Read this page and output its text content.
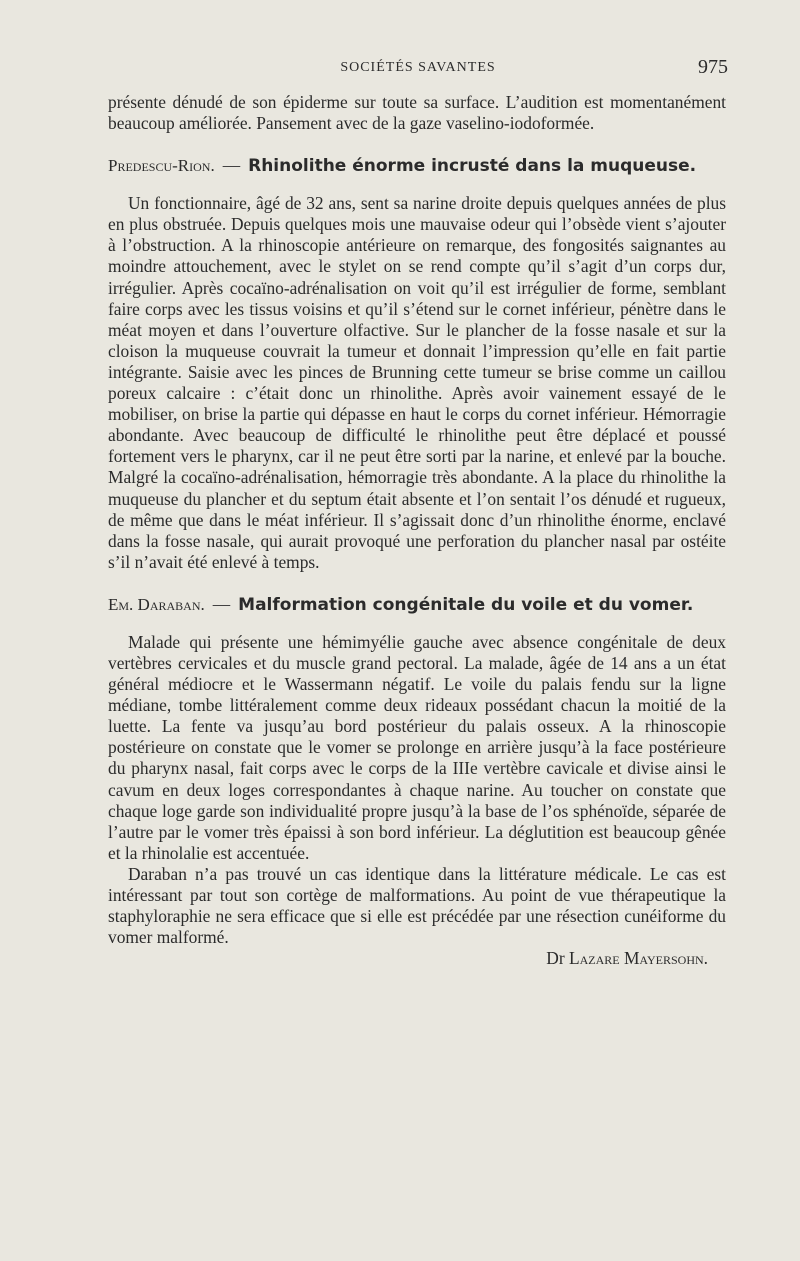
SOCIÉTÉS SAVANTES	975

présente dénudé de son épiderme sur toute sa surface. L’audition est momentanément beaucoup améliorée. Pansement avec de la gaze vaselino-iodoformée.

Predescu-Rion. — Rhinolithe énorme incrusté dans la muqueuse.

Un fonctionnaire, âgé de 32 ans, sent sa narine droite depuis quelques années de plus en plus obstruée. Depuis quelques mois une mauvaise odeur qui l’obsède vient s’ajouter à l’obstruction. A la rhinoscopie antérieure on remarque, des fongosités saignantes au moindre attouchement, avec le stylet on se rend compte qu’il s’agit d’un corps dur, irrégulier. Après cocaïno-adrénalisation on voit qu’il est irrégulier de forme, semblant faire corps avec les tissus voisins et qu’il s’étend sur le cornet inférieur, pénètre dans le méat moyen et dans l’ouverture olfactive. Sur le plancher de la fosse nasale et sur la cloison la muqueuse couvrait la tumeur et donnait l’impression qu’elle en fait partie intégrante. Saisie avec les pinces de Brunning cette tumeur se brise comme un caillou poreux calcaire : c’était donc un rhinolithe. Après avoir vainement essayé de le mobiliser, on brise la partie qui dépasse en haut le corps du cornet inférieur. Hémorragie abondante. Avec beaucoup de difficulté le rhinolithe peut être déplacé et poussé fortement vers le pharynx, car il ne peut être sorti par la narine, et enlevé par la bouche. Malgré la cocaïno-adrénalisation, hémorragie très abondante. A la place du rhinolithe la muqueuse du plancher et du septum était absente et l’on sentait l’os dénudé et rugueux, de même que dans le méat inférieur. Il s’agissait donc d’un rhinolithe énorme, enclavé dans la fosse nasale, qui aurait provoqué une perforation du plancher nasal par ostéite s’il n’avait été enlevé à temps.

Em. Daraban. — Malformation congénitale du voile et du vomer.

Malade qui présente une hémimyélie gauche avec absence congénitale de deux vertèbres cervicales et du muscle grand pectoral. La malade, âgée de 14 ans a un état général médiocre et le Wassermann négatif. Le voile du palais fendu sur la ligne médiane, tombe littéralement comme deux rideaux possédant chacun la moitié de la luette. La fente va jusqu’au bord postérieur du palais osseux. A la rhinoscopie postérieure on constate que le vomer se prolonge en arrière jusqu’à la face postérieure du pharynx nasal, fait corps avec le corps de la IIIe vertèbre cavicale et divise ainsi le cavum en deux loges correspondantes à chaque narine. Au toucher on constate que chaque loge garde son individualité propre jusqu’à la base de l’os sphénoïde, séparée de l’autre par le vomer très épaissi à son bord inférieur. La déglutition est beaucoup gênée et la rhinolalie est accentuée.

Daraban n’a pas trouvé un cas identique dans la littérature médicale. Le cas est intéressant par tout son cortège de malformations. Au point de vue thérapeutique la staphyloraphie ne sera efficace que si elle est précédée par une résection cunéiforme du vomer malformé.

Dr Lazare Mayersohn.
